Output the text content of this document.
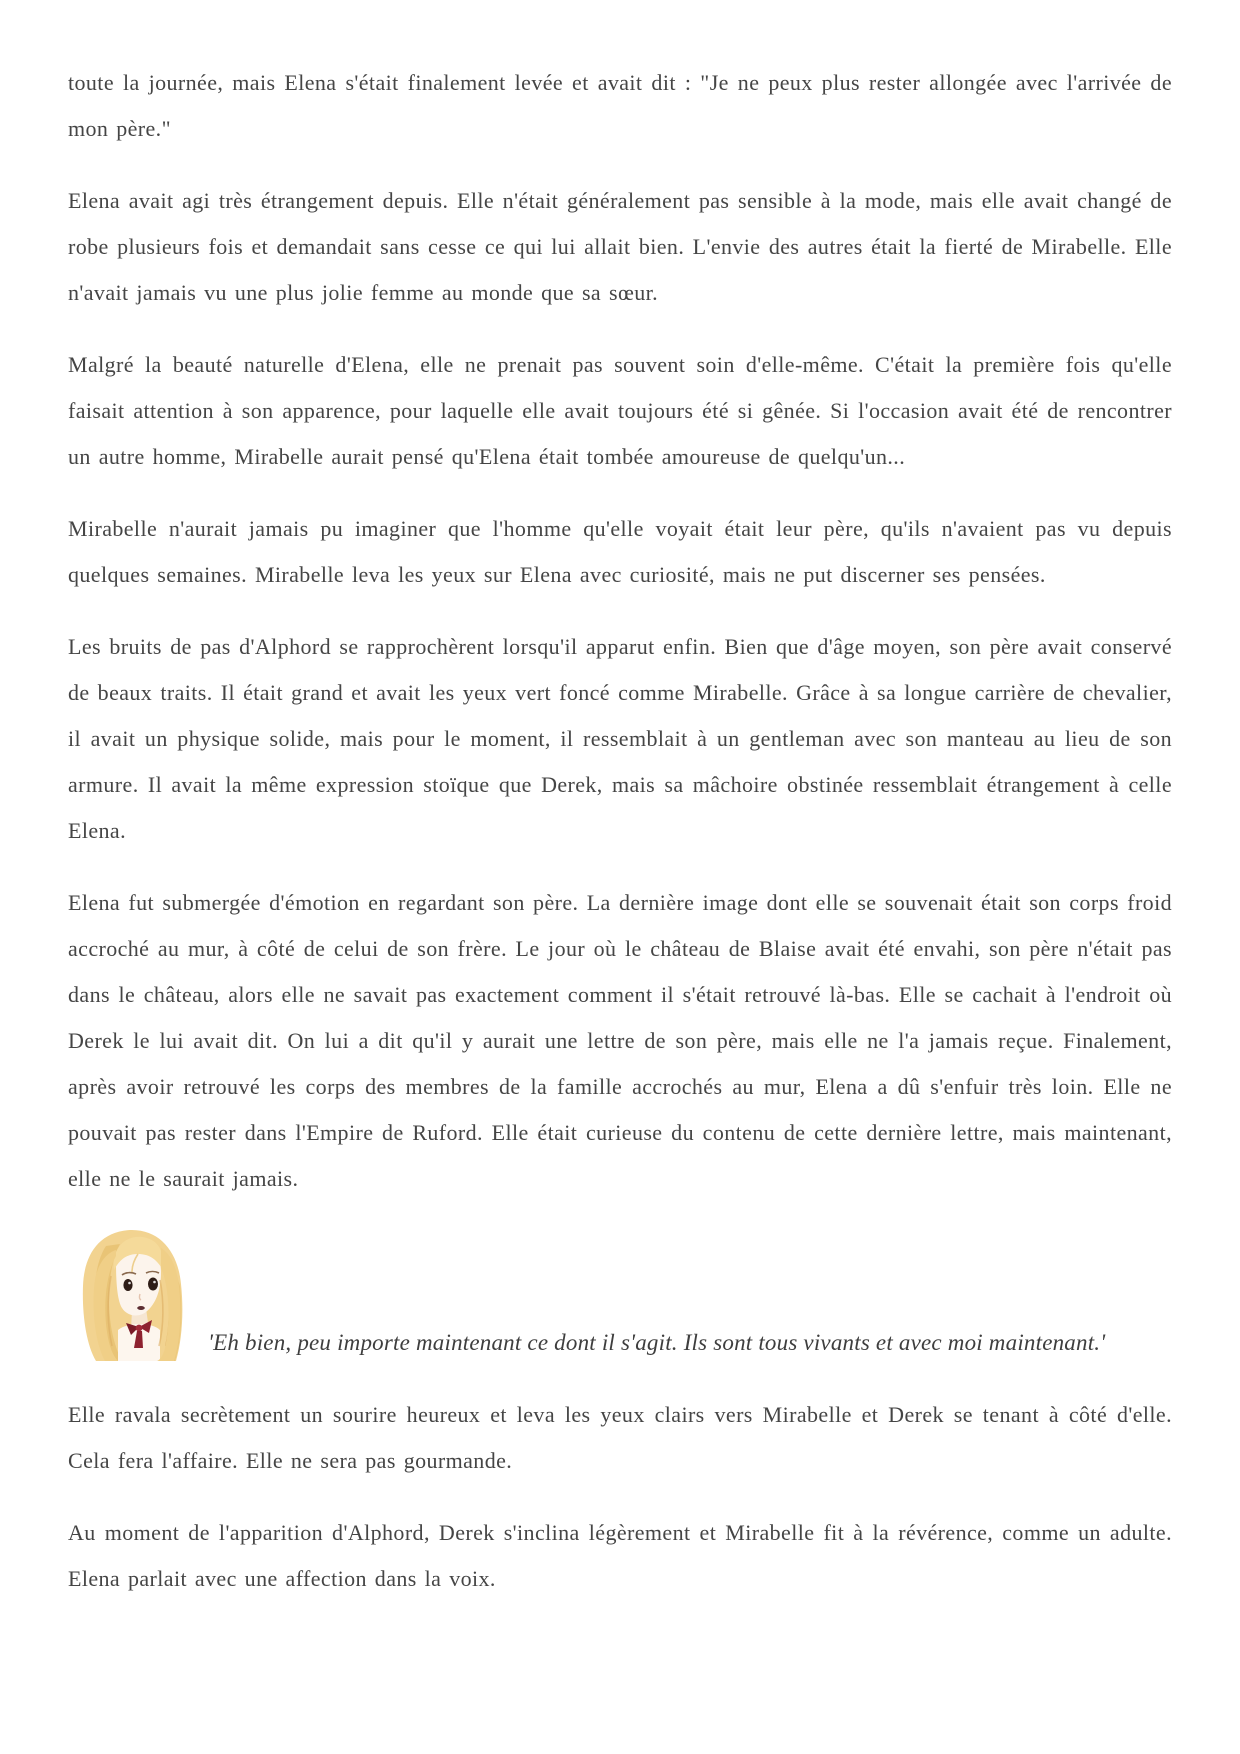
toute la journée, mais Elena s'était finalement levée et avait dit : "Je ne peux plus rester allongée avec l'arrivée de mon père."

Elena avait agi très étrangement depuis. Elle n'était généralement pas sensible à la mode, mais elle avait changé de robe plusieurs fois et demandait sans cesse ce qui lui allait bien. L'envie des autres était la fierté de Mirabelle. Elle n'avait jamais vu une plus jolie femme au monde que sa sœur.

Malgré la beauté naturelle d'Elena, elle ne prenait pas souvent soin d'elle-même. C'était la première fois qu'elle faisait attention à son apparence, pour laquelle elle avait toujours été si gênée. Si l'occasion avait été de rencontrer un autre homme, Mirabelle aurait pensé qu'Elena était tombée amoureuse de quelqu'un...

Mirabelle n'aurait jamais pu imaginer que l'homme qu'elle voyait était leur père, qu'ils n'avaient pas vu depuis quelques semaines. Mirabelle leva les yeux sur Elena avec curiosité, mais ne put discerner ses pensées.

Les bruits de pas d'Alphord se rapprochèrent lorsqu'il apparut enfin. Bien que d'âge moyen, son père avait conservé de beaux traits. Il était grand et avait les yeux vert foncé comme Mirabelle. Grâce à sa longue carrière de chevalier, il avait un physique solide, mais pour le moment, il ressemblait à un gentleman avec son manteau au lieu de son armure. Il avait la même expression stoïque que Derek, mais sa mâchoire obstinée ressemblait étrangement à celle Elena.

Elena fut submergée d'émotion en regardant son père. La dernière image dont elle se souvenait était son corps froid accroché au mur, à côté de celui de son frère. Le jour où le château de Blaise avait été envahi, son père n'était pas dans le château, alors elle ne savait pas exactement comment il s'était retrouvé là-bas. Elle se cachait à l'endroit où Derek le lui avait dit. On lui a dit qu'il y aurait une lettre de son père, mais elle ne l'a jamais reçue. Finalement, après avoir retrouvé les corps des membres de la famille accrochés au mur, Elena a dû s'enfuir très loin. Elle ne pouvait pas rester dans l'Empire de Ruford. Elle était curieuse du contenu de cette dernière lettre, mais maintenant, elle ne le saurait jamais.

'Eh bien, peu importe maintenant ce dont il s'agit. Ils sont tous vivants et avec moi maintenant.'

Elle ravala secrètement un sourire heureux et leva les yeux clairs vers Mirabelle et Derek se tenant à côté d'elle. Cela fera l'affaire. Elle ne sera pas gourmande.

Au moment de l'apparition d'Alphord, Derek s'inclina légèrement et Mirabelle fit à la révérence, comme un adulte. Elena parlait avec une affection dans la voix.
